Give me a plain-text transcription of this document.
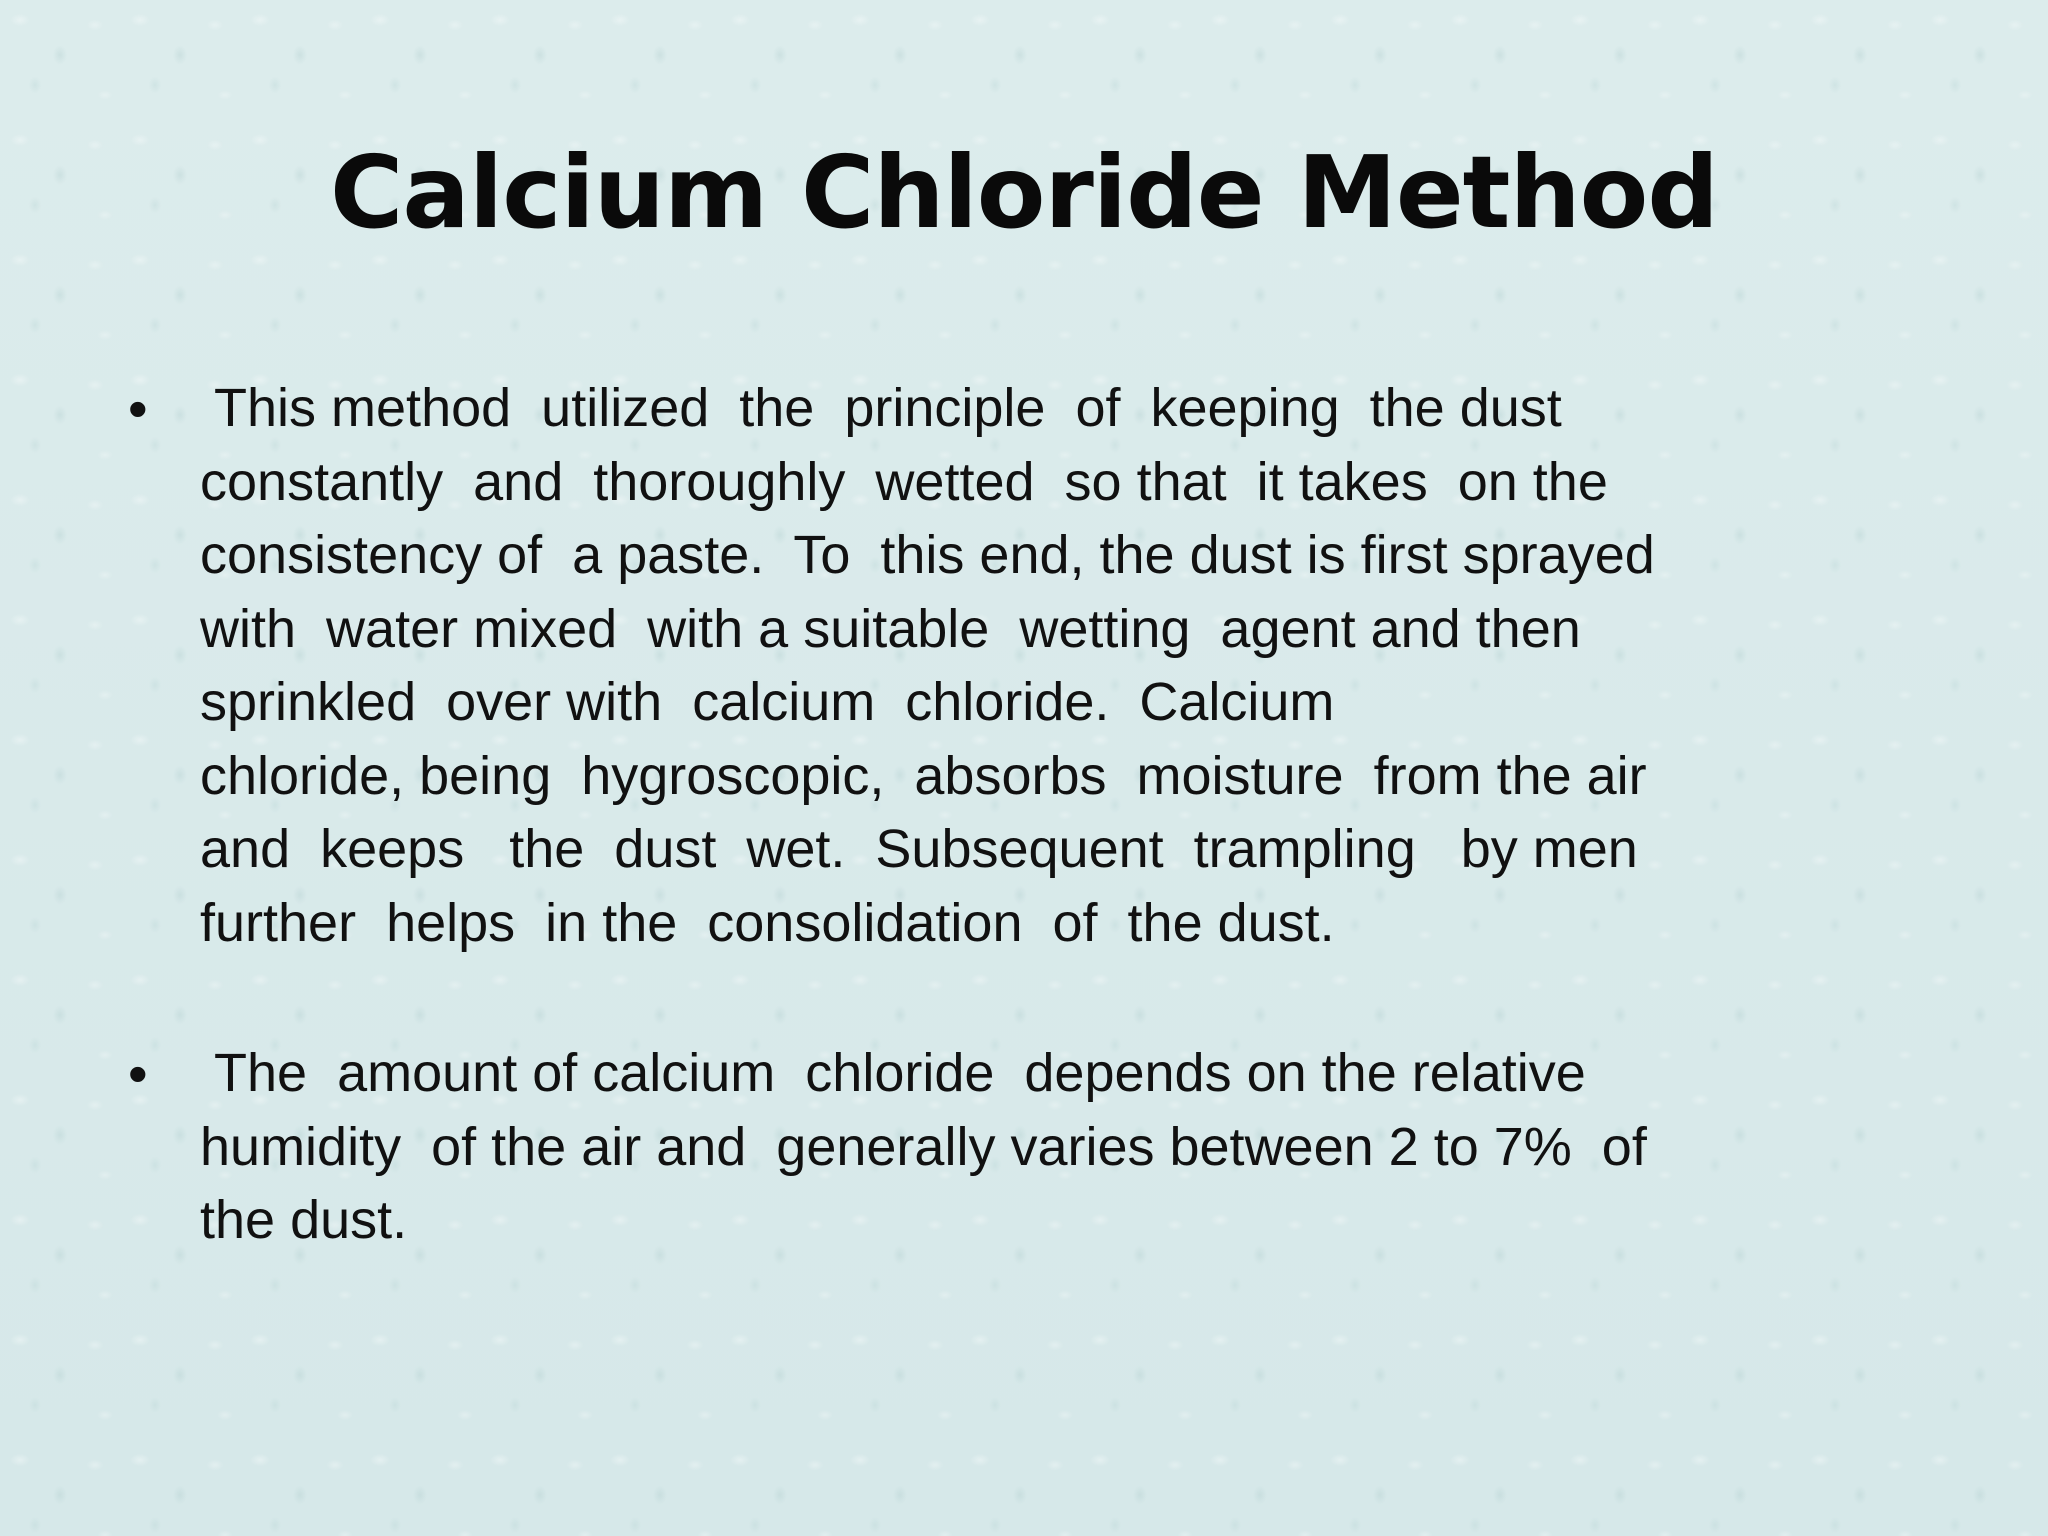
Calcium Chloride Method
• This method  utilized  the  principle  of  keeping  the dust
constantly  and  thoroughly  wetted  so that  it takes  on the
consistency of  a paste.  To  this end, the dust is first sprayed
with  water mixed  with a suitable  wetting  agent and then
sprinkled  over with  calcium  chloride.  Calcium
chloride, being  hygroscopic,  absorbs  moisture  from the air
and  keeps   the  dust  wet.  Subsequent  trampling   by men
further  helps  in the  consolidation  of  the dust.
• The  amount of calcium  chloride  depends on the relative
humidity  of the air and  generally varies between 2 to 7%  of
the dust.
